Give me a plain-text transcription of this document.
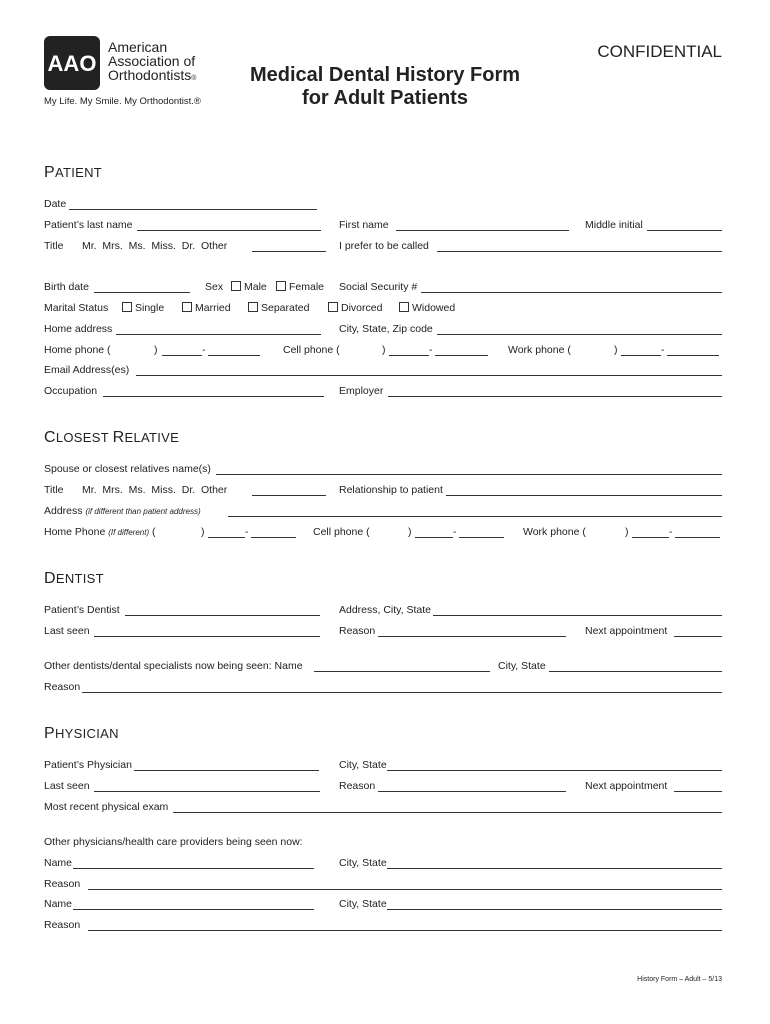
AAO
American
Association of
Orthodontists®
My Life. My Smile. My Orthodontist.®
Medical Dental History Form
for Adult Patients
CONFIDENTIAL
PATIENT
Date
Patient’s last name	First name	Middle initial
Title Mr.  Mrs.  Ms.  Miss.  Dr.  Other	I prefer to be called
Birth date	Sex	Male	Female Social Security #
Marital Status	Single	Married	Separated	Divorced	Widowed
Home address	City, State, Zip code
Home phone (	)	-	Cell phone (	)	-	Work phone (	)	-
Email Address(es)
Occupation	Employer
CLOSEST RELATIVE
Spouse or closest relatives name(s)
Title Mr.  Mrs.  Ms.  Miss.  Dr.  Other	Relationship to patient
Address (if different than patient address)
Home Phone (If different) (	)	-	Cell phone (	)	-	Work phone (	)	-
DENTIST
Patient’s Dentist	Address, City, State
Last seen	Reason	Next appointment
Other dentists/dental specialists now being seen: Name	City, State
Reason
PHYSICIAN
Patient’s Physician	City, State
Last seen	Reason	Next appointment
Most recent physical exam
Other physicians/health care providers being seen now:
Name	City, State
Reason
Name	City, State
Reason
History Form – Adult – 5/13
